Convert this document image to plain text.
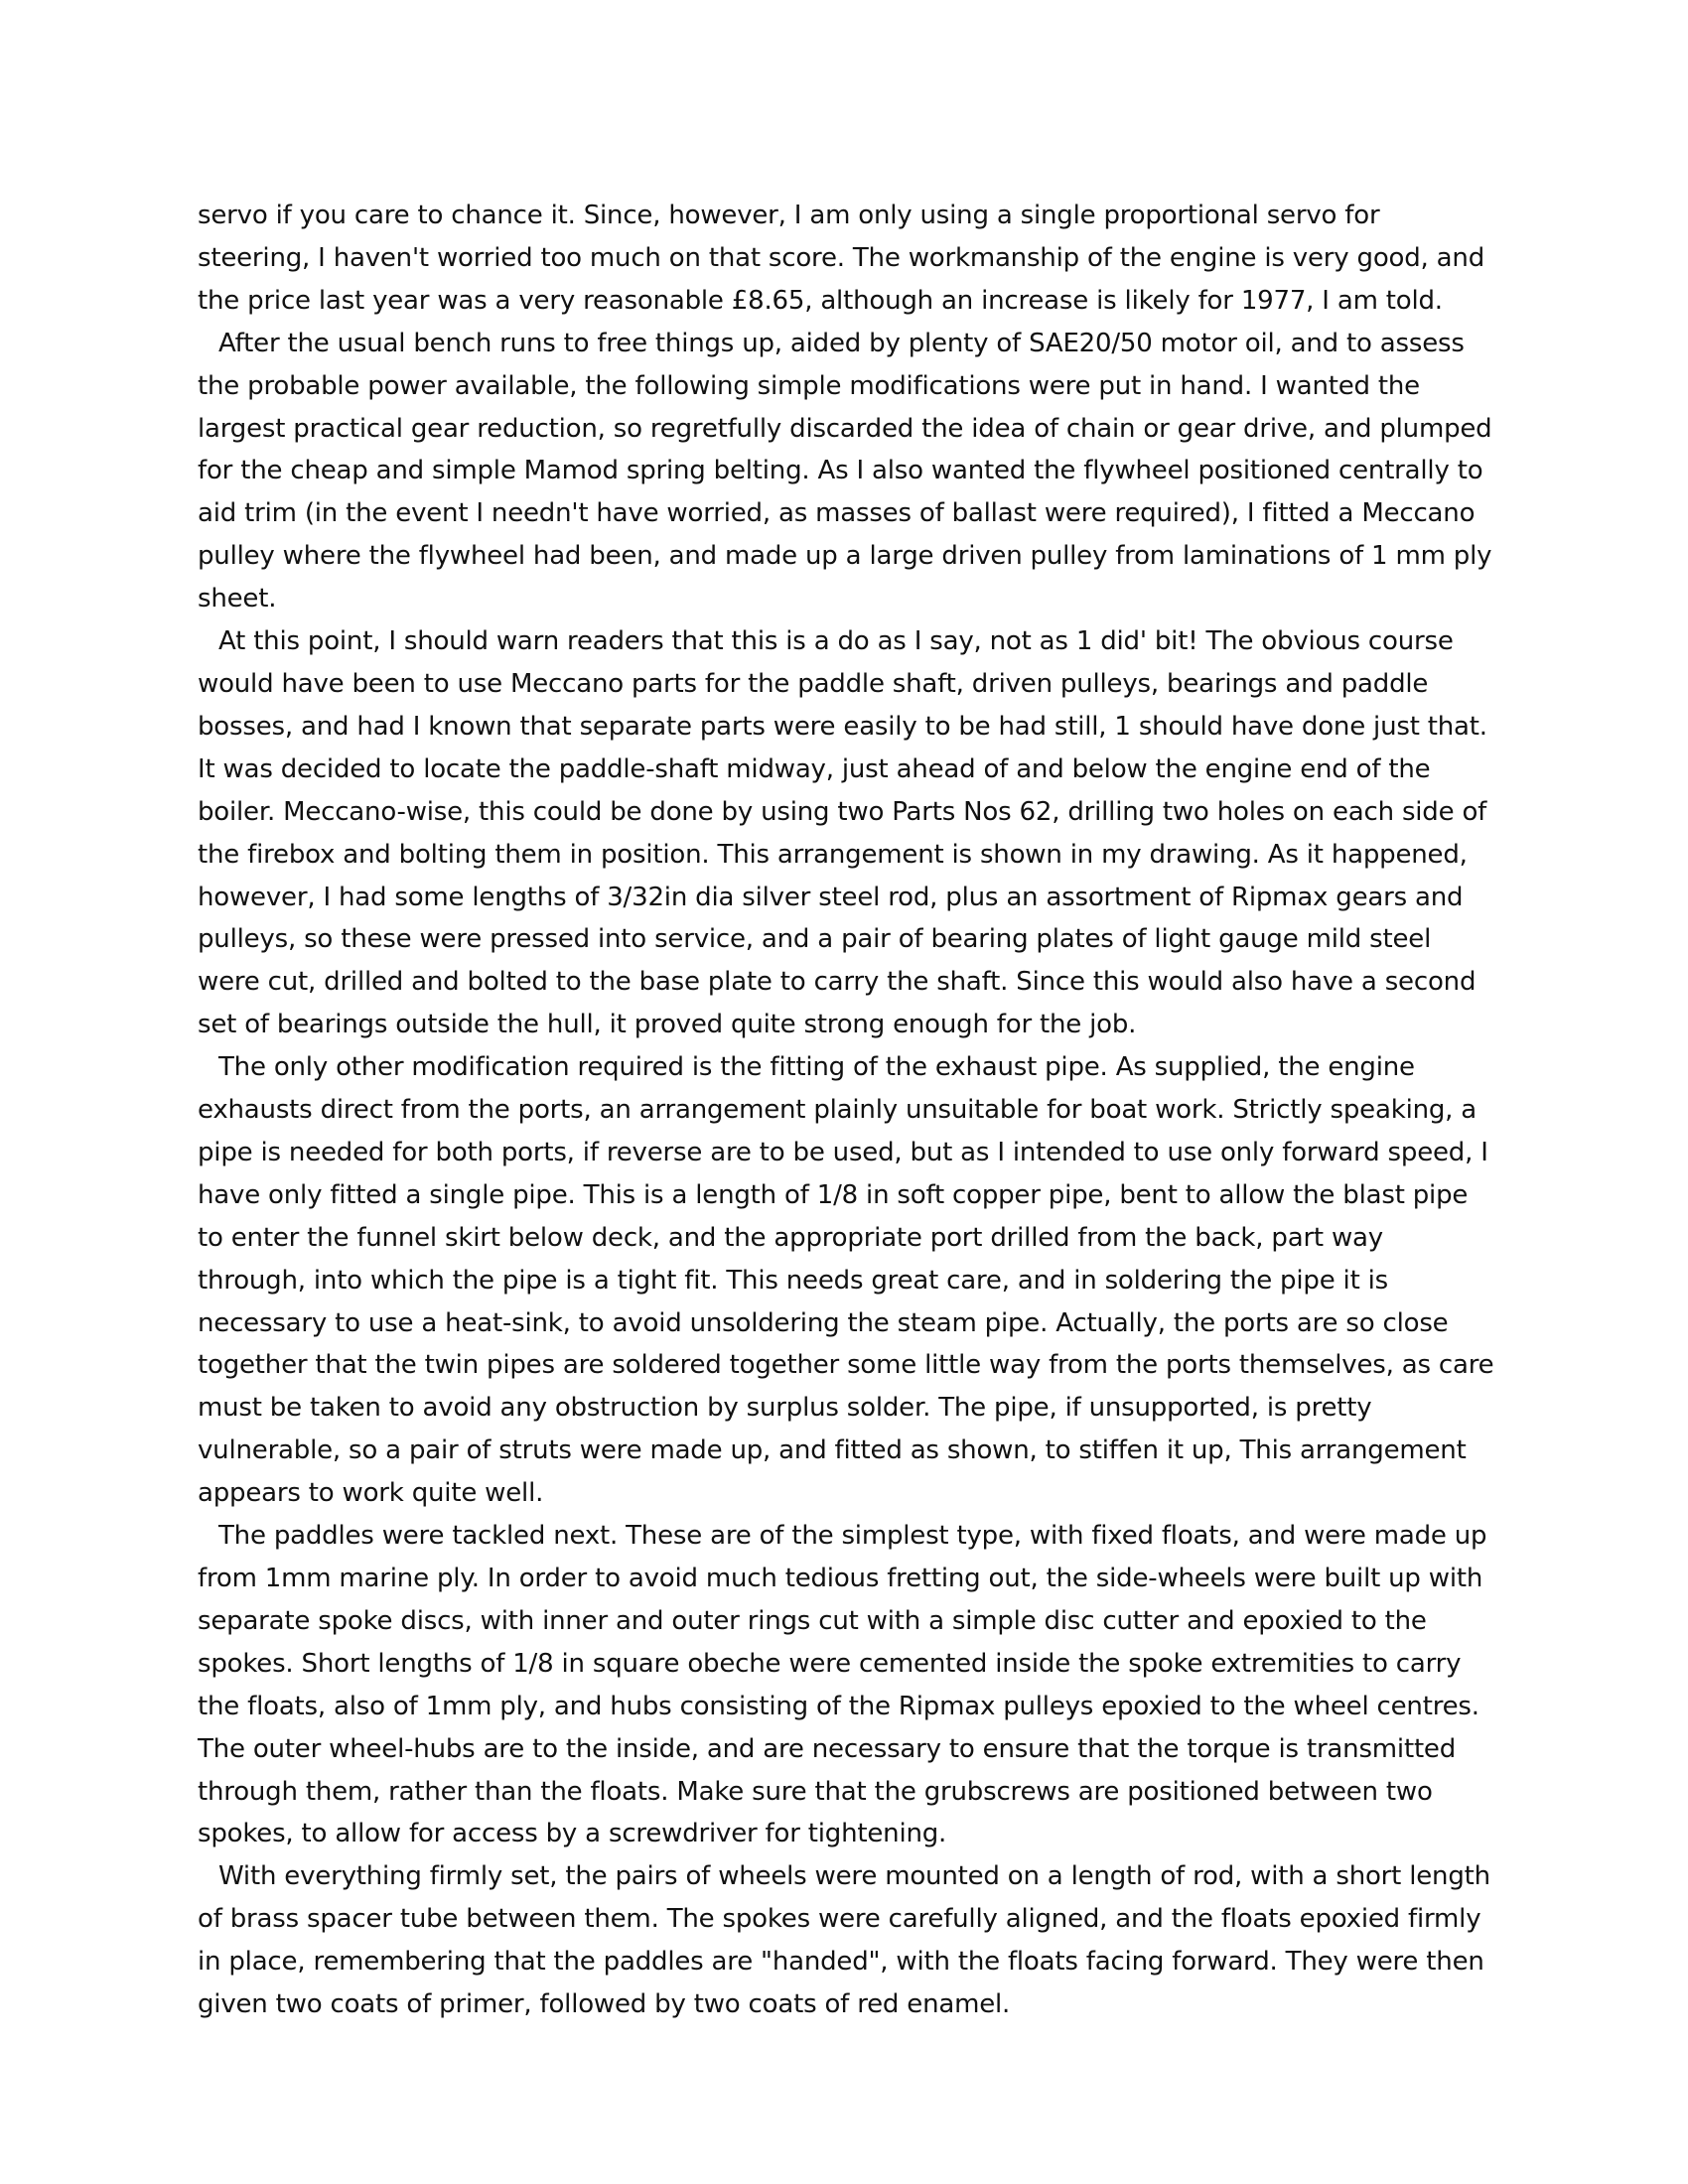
servo if you care to chance it. Since, however, I am only using a single proportional servo for steering, I haven't worried too much on that score. The workmanship of the engine is very good, and the price last year was a very reasonable £8.65, although an increase is likely for 1977, I am told.

After the usual bench runs to free things up, aided by plenty of SAE20/50 motor oil, and to assess the probable power available, the following simple modifications were put in hand. I wanted the largest practical gear reduction, so regretfully discarded the idea of chain or gear drive, and plumped for the cheap and simple Mamod spring belting. As I also wanted the flywheel positioned centrally to aid trim (in the event I needn't have worried, as masses of ballast were required), I fitted a Meccano pulley where the flywheel had been, and made up a large driven pulley from laminations of 1 mm ply sheet.

At this point, I should warn readers that this is a do as I say, not as 1 did' bit! The obvious course would have been to use Meccano parts for the paddle shaft, driven pulleys, bearings and paddle bosses, and had I known that separate parts were easily to be had still, 1 should have done just that. It was decided to locate the paddle-shaft midway, just ahead of and below the engine end of the boiler. Meccano-wise, this could be done by using two Parts Nos 62, drilling two holes on each side of the firebox and bolting them in position. This arrangement is shown in my drawing. As it happened, however, I had some lengths of 3/32in dia silver steel rod, plus an assortment of Ripmax gears and pulleys, so these were pressed into service, and a pair of bearing plates of light gauge mild steel were cut, drilled and bolted to the base plate to carry the shaft. Since this would also have a second set of bearings outside the hull, it proved quite strong enough for the job.

The only other modification required is the fitting of the exhaust pipe. As supplied, the engine exhausts direct from the ports, an arrangement plainly unsuitable for boat work. Strictly speaking, a pipe is needed for both ports, if reverse are to be used, but as I intended to use only forward speed, I have only fitted a single pipe. This is a length of 1/8 in soft copper pipe, bent to allow the blast pipe to enter the funnel skirt below deck, and the appropriate port drilled from the back, part way through, into which the pipe is a tight fit. This needs great care, and in soldering the pipe it is necessary to use a heat-sink, to avoid unsoldering the steam pipe. Actually, the ports are so close together that the twin pipes are soldered together some little way from the ports themselves, as care must be taken to avoid any obstruction by surplus solder. The pipe, if unsupported, is pretty vulnerable, so a pair of struts were made up, and fitted as shown, to stiffen it up, This arrangement appears to work quite well.

The paddles were tackled next. These are of the simplest type, with fixed floats, and were made up from 1mm marine ply. In order to avoid much tedious fretting out, the side-wheels were built up with separate spoke discs, with inner and outer rings cut with a simple disc cutter and epoxied to the spokes. Short lengths of 1/8 in square obeche were cemented inside the spoke extremities to carry the floats, also of 1mm ply, and hubs consisting of the Ripmax pulleys epoxied to the wheel centres. The outer wheel-hubs are to the inside, and are necessary to ensure that the torque is transmitted through them, rather than the floats. Make sure that the grubscrews are positioned between two spokes, to allow for access by a screwdriver for tightening.

With everything firmly set, the pairs of wheels were mounted on a length of rod, with a short length of brass spacer tube between them. The spokes were carefully aligned, and the floats epoxied firmly in place, remembering that the paddles are "handed", with the floats facing forward. They were then given two coats of primer, followed by two coats of red enamel.
